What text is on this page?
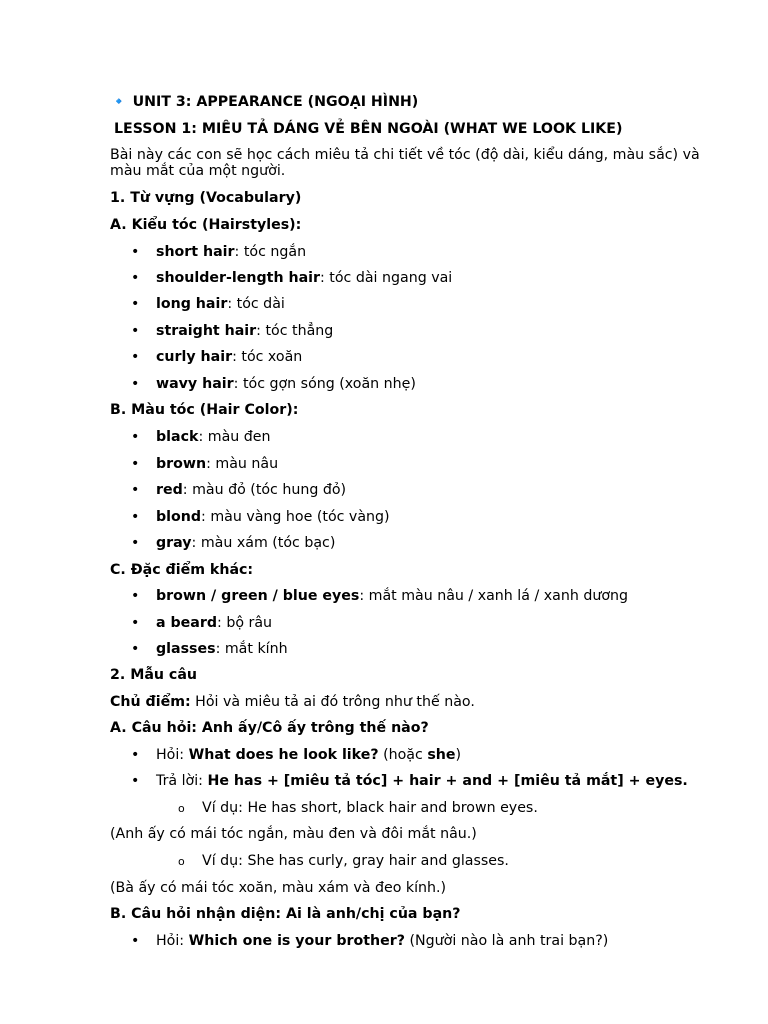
🔹 UNIT 3: APPEARANCE (NGOẠI HÌNH)
LESSON 1: MIÊU TẢ DÁNG VẺ BÊN NGOÀI (WHAT WE LOOK LIKE)
Bài này các con sẽ học cách miêu tả chi tiết về tóc (độ dài, kiểu dáng, màu sắc) và màu mắt của một người.
1. Từ vựng (Vocabulary)
A. Kiểu tóc (Hairstyles):
• short hair: tóc ngắn
• shoulder-length hair: tóc dài ngang vai
• long hair: tóc dài
• straight hair: tóc thẳng
• curly hair: tóc xoăn
• wavy hair: tóc gợn sóng (xoăn nhẹ)
B. Màu tóc (Hair Color):
• black: màu đen
• brown: màu nâu
• red: màu đỏ (tóc hung đỏ)
• blond: màu vàng hoe (tóc vàng)
• gray: màu xám (tóc bạc)
C. Đặc điểm khác:
• brown / green / blue eyes: mắt màu nâu / xanh lá / xanh dương
• a beard: bộ râu
• glasses: mắt kính
2. Mẫu câu
Chủ điểm: Hỏi và miêu tả ai đó trông như thế nào.
A. Câu hỏi: Anh ấy/Cô ấy trông thế nào?
• Hỏi: What does he look like? (hoặc she)
• Trả lời: He has + [miêu tả tóc] + hair + and + [miêu tả mắt] + eyes.
o Ví dụ: He has short, black hair and brown eyes.
(Anh ấy có mái tóc ngắn, màu đen và đôi mắt nâu.)
o Ví dụ: She has curly, gray hair and glasses.
(Bà ấy có mái tóc xoăn, màu xám và đeo kính.)
B. Câu hỏi nhận diện: Ai là anh/chị của bạn?
• Hỏi: Which one is your brother? (Người nào là anh trai bạn?)
